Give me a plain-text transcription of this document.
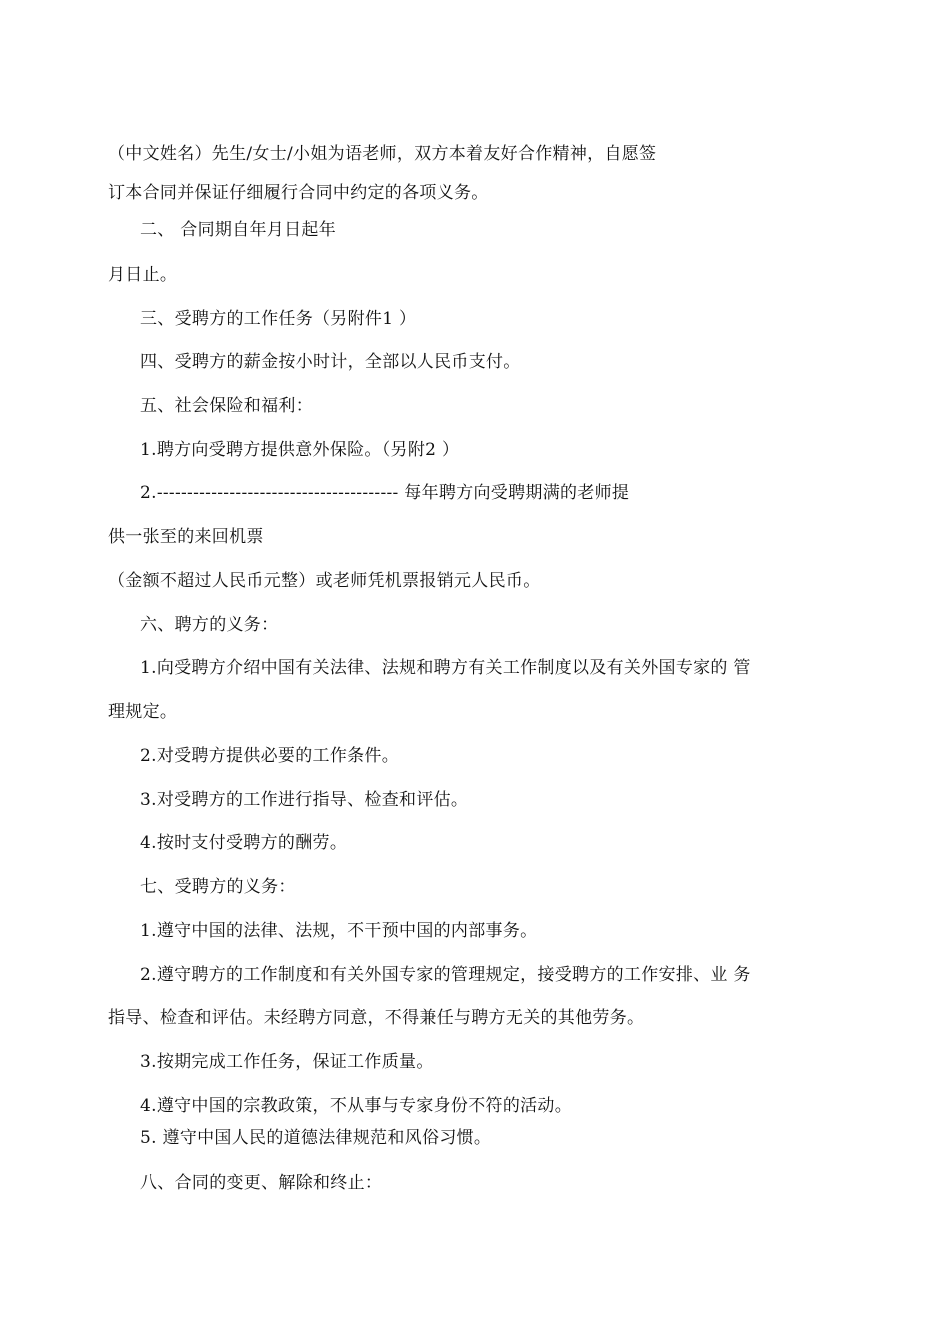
（中文姓名）先生/女士/小姐为语老师，双方本着友好合作精神，自愿签
订本合同并保证仔细履行合同中约定的各项义务。
二、 合同期自年月日起年
月日止。
三、受聘方的工作任务（另附件1 ）
四、受聘方的薪金按小时计，全部以人民币支付。
五、社会保险和福利：
1.聘方向受聘方提供意外保险。（另附2 ）
2.---------------------------------------- 每年聘方向受聘期满的老师提
供一张至的来回机票
（金额不超过人民币元整）或老师凭机票报销元人民币。
六、聘方的义务：
1.向受聘方介绍中国有关法律、法规和聘方有关工作制度以及有关外国专家的 管
理规定。
2.对受聘方提供必要的工作条件。
3.对受聘方的工作进行指导、检查和评估。
4.按时支付受聘方的酬劳。
七、受聘方的义务：
1.遵守中国的法律、法规，不干预中国的内部事务。
2.遵守聘方的工作制度和有关外国专家的管理规定，接受聘方的工作安排、业 务
指导、检查和评估。未经聘方同意，不得兼任与聘方无关的其他劳务。
3.按期完成工作任务，保证工作质量。
4.遵守中国的宗教政策，不从事与专家身份不符的活动。
5. 遵守中国人民的道德法律规范和风俗习惯。
八、合同的变更、解除和终止：
